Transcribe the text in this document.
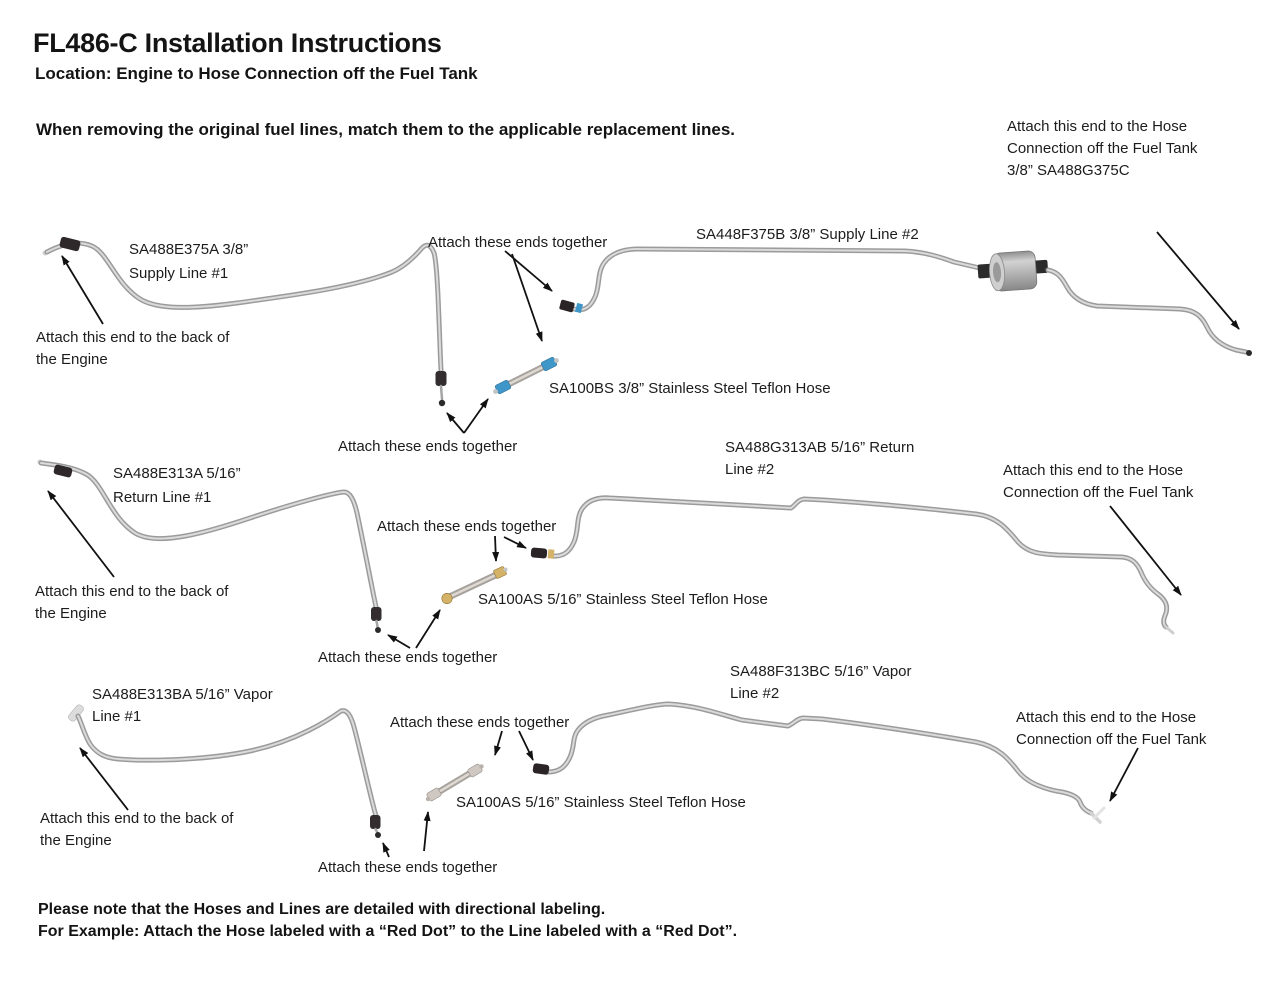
FL486-C Installation Instructions
Location: Engine to Hose Connection off the Fuel Tank
When removing the original fuel lines, match them to the applicable replacement lines.	Attach this end to the Hose
Connection off the Fuel Tank
3/8” SA488G375C
SA488E375A 3/8”
Supply Line #1
Attach these ends together	SA448F375B 3/8” Supply Line #2
Attach this end to the back of
the Engine
SA100BS 3/8” Stainless Steel Teflon Hose
Attach these ends together
SA488E313A 5/16”
Return Line #1
SA488G313AB 5/16” Return
Line #2	Attach this end to the Hose
Connection off the Fuel Tank
Attach these ends together
Attach this end to the back of
the Engine
SA100AS 5/16” Stainless Steel Teflon Hose
Attach these ends together
SA488E313BA 5/16” Vapor
Line #1
SA488F313BC 5/16” Vapor
Line #2
Attach these ends together	Attach this end to the Hose
Connection off the Fuel Tank
Attach this end to the back of
the Engine
SA100AS 5/16” Stainless Steel Teflon Hose
Attach these ends together
Please note that the Hoses and Lines are detailed with directional labeling.
For Example: Attach the Hose labeled with a “Red Dot” to the Line labeled with a “Red Dot”.
